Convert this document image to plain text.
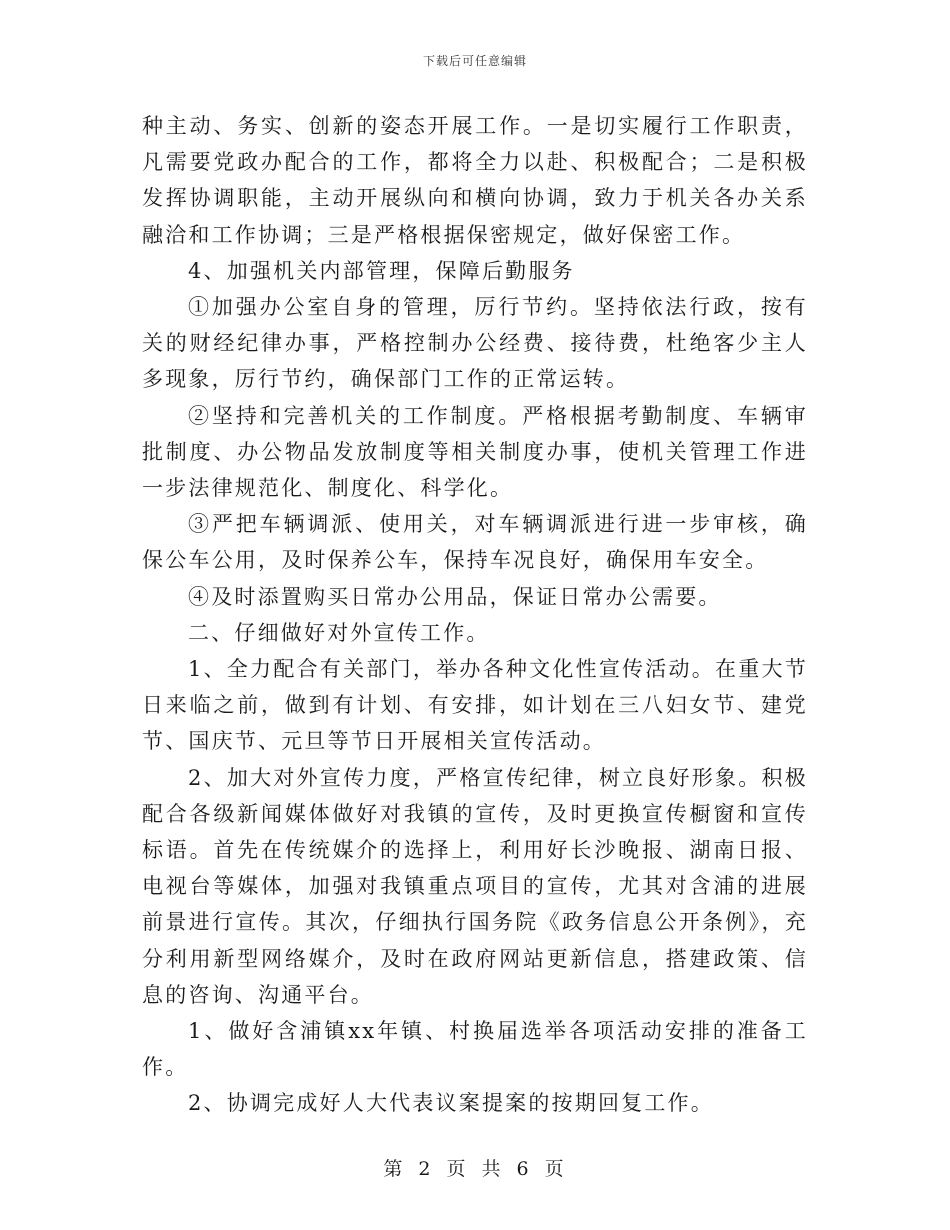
下载后可任意编辑

种主动、务实、创新的姿态开展工作。一是切实履行工作职责，凡需要党政办配合的工作，都将全力以赴、积极配合；二是积极发挥协调职能，主动开展纵向和横向协调，致力于机关各办关系融洽和工作协调；三是严格根据保密规定，做好保密工作。

4、加强机关内部管理，保障后勤服务

①加强办公室自身的管理，厉行节约。坚持依法行政，按有关的财经纪律办事，严格控制办公经费、接待费，杜绝客少主人多现象，厉行节约，确保部门工作的正常运转。

②坚持和完善机关的工作制度。严格根据考勤制度、车辆审批制度、办公物品发放制度等相关制度办事，使机关管理工作进一步法律规范化、制度化、科学化。

③严把车辆调派、使用关，对车辆调派进行进一步审核，确保公车公用，及时保养公车，保持车况良好，确保用车安全。

④及时添置购买日常办公用品，保证日常办公需要。

二、仔细做好对外宣传工作。

1、全力配合有关部门，举办各种文化性宣传活动。在重大节日来临之前，做到有计划、有安排，如计划在三八妇女节、建党节、国庆节、元旦等节日开展相关宣传活动。

2、加大对外宣传力度，严格宣传纪律，树立良好形象。积极配合各级新闻媒体做好对我镇的宣传，及时更换宣传橱窗和宣传标语。首先在传统媒介的选择上，利用好长沙晚报、湖南日报、电视台等媒体，加强对我镇重点项目的宣传，尤其对含浦的进展前景进行宣传。其次，仔细执行国务院《政务信息公开条例》，充分利用新型网络媒介，及时在政府网站更新信息，搭建政策、信息的咨询、沟通平台。

1、做好含浦镇xx年镇、村换届选举各项活动安排的准备工作。

2、协调完成好人大代表议案提案的按期回复工作。

第 2 页 共 6 页
